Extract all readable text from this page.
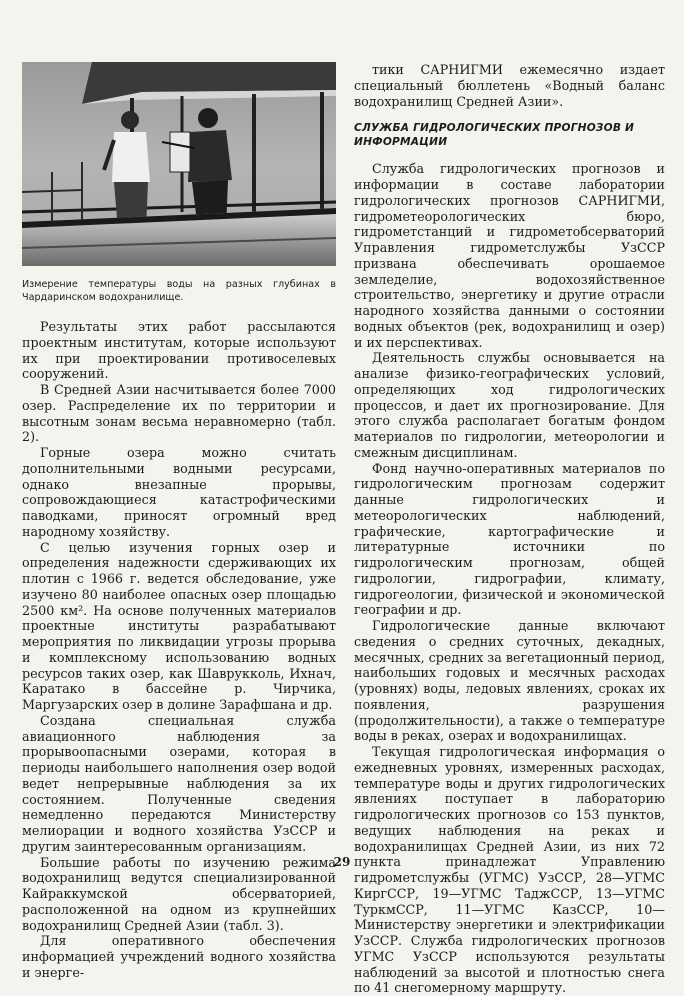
Измерение температуры воды на разных глубинах в Чардаринском водохранилище.

Результаты этих работ рассылаются проектным институтам, которые используют их при проектировании противоселевых сооружений.

В Средней Азии насчитывается более 7000 озер. Распределение их по территории и высотным зонам весьма неравномерно (табл. 2).

Горные озера можно считать дополнительными водными ресурсами, однако внезапные прорывы, сопровождающиеся катастрофическими паводками, приносят огромный вред народному хозяйству.

С целью изучения горных озер и определения надежности сдерживающих их плотин с 1966 г. ведется обследование, уже изучено 80 наиболее опасных озер площадью 2500 км². На основе полученных материалов проектные институты разрабатывают мероприятия по ликвидации угрозы прорыва и комплексному использованию водных ресурсов таких озер, как Шаврукколь, Ихнач, Каратако в бассейне р. Чирчика, Маргузарских озер в долине Зарафшана и др.

Создана специальная служба авиационного наблюдения за прорывоопасными озерами, которая в периоды наибольшего наполнения озер водой ведет непрерывные наблюдения за их состоянием. Полученные сведения немедленно передаются Министерству мелиорации и водного хозяйства УзССР и другим заинтересованным организациям.

Большие работы по изучению режима водохранилищ ведутся специализированной Кайраккумской обсерваторией, расположенной на одном из крупнейших водохранилищ Средней Азии (табл. 3).

Для оперативного обеспечения информацией учреждений водного хозяйства и энерге-

тики САРНИГМИ ежемесячно издает специальный бюллетень «Водный баланс водохранилищ Средней Азии».

СЛУЖБА ГИДРОЛОГИЧЕСКИХ ПРОГНОЗОВ И ИНФОРМАЦИИ

Служба гидрологических прогнозов и информации в составе лаборатории гидрологических прогнозов САРНИГМИ, гидрометеорологических бюро, гидрометстанций и гидрометобсерваторий Управления гидрометслужбы УзССР призвана обеспечивать орошаемое земледелие, водохозяйственное строительство, энергетику и другие отрасли народного хозяйства данными о состоянии водных объектов (рек, водохранилищ и озер) и их перспективах.

Деятельность службы основывается на анализе физико-географических условий, определяющих ход гидрологических процессов, и дает их прогнозирование. Для этого служба располагает богатым фондом материалов по гидрологии, метеорологии и смежным дисциплинам.

Фонд научно-оперативных материалов по гидрологическим прогнозам содержит данные гидрологических и метеорологических наблюдений, графические, картографические и литературные источники по гидрологическим прогнозам, общей гидрологии, гидрографии, климату, гидрогеологии, физической и экономической географии и др.

Гидрологические данные включают сведения о средних суточных, декадных, месячных, средних за вегетационный период, наибольших годовых и месячных расходах (уровнях) воды, ледовых явлениях, сроках их появления, разрушения (продолжительности), а также о температуре воды в реках, озерах и водохранилищах.

Текущая гидрологическая информация о ежедневных уровнях, измеренных расходах, температуре воды и других гидрологических явлениях поступает в лабораторию гидрологических прогнозов со 153 пунктов, ведущих наблюдения на реках и водохранилищах Средней Азии, из них 72 пункта принадлежат Управлению гидрометслужбы (УГМС) УзССР, 28—УГМС КиргССР, 19—УГМС ТаджССР, 13—УГМС ТуркмССР, 11—УГМС КазССР, 10—Министерству энергетики и электрификации УзССР. Служба гидрологических прогнозов УГМС УзССР используются результаты наблюдений за высотой и плотностью снега по 41 снегомерному маршруту.

29
